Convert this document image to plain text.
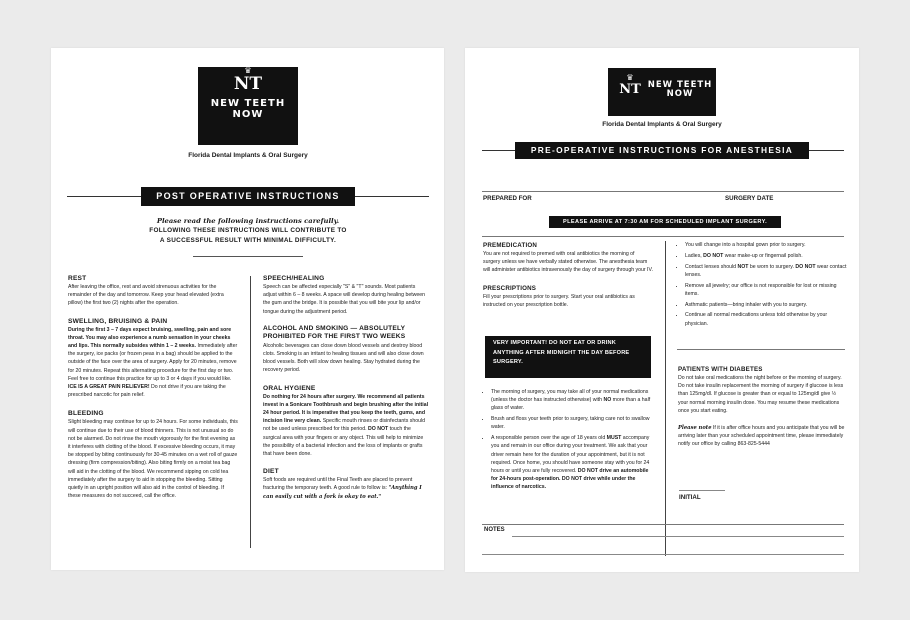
♛
NT
NEW TEETH
NOW
Florida Dental Implants & Oral Surgery
POST OPERATIVE INSTRUCTIONS
Please read the following instructions carefully.
FOLLOWING THESE INSTRUCTIONS WILL CONTRIBUTE TO
A SUCCESSFUL RESULT WITH MINIMAL DIFFICULTY.
REST

After leaving the office, rest and avoid strenuous activities for the remainder of the day and tomorrow. Keep your head elevated (extra pillow) the first two (2) nights after the operation.

SWELLING, BRUISING & PAIN

During the first 3 – 7 days expect bruising, swelling, pain and sore throat. You may also experience a numb sensation in your cheeks and lips. This normally subsides within 1 – 2 weeks. Immediately after the surgery, ice packs (or frozen peas in a bag) should be applied to the outside of the face over the area of surgery. Apply for 20 minutes, remove for 20 minutes. Repeat this alternating procedure for the first day or two. Feel free to continue this practice for up to 3 or 4 days if you would like. ICE IS A GREAT PAIN RELIEVER! Do not drive if you are taking the prescribed narcotic for pain relief.

BLEEDING

Slight bleeding may continue for up to 24 hours. For some individuals, this will continue due to their use of blood thinners. This is not unusual so do not be alarmed. Do not rinse the mouth vigorously for the first evening as it interferes with clotting of the blood. If excessive bleeding occurs, it may be stopped by biting continuously for 30-45 minutes on a wet roll of gauze dressing (firm compression/biting). Also biting firmly on a moist tea bag will aid in the clotting of the blood. We recommend sipping on cold tea immediately after the surgery to aid in stopping the bleeding. Sitting quietly in an upright position will also aid in the control of bleeding. If these measures do not succeed, call the office.

SPEECH/HEALING

Speech can be affected especially "S" & "T" sounds. Most patients adjust within 6 – 8 weeks. A space will develop during healing between the gum and the bridge. It is possible that you will bite your lip and/or tongue during the adjustment period.

ALCOHOL AND SMOKING — ABSOLUTELY PROHIBITED FOR THE FIRST TWO WEEKS

Alcoholic beverages can close down blood vessels and destroy blood clots. Smoking is an irritant to healing tissues and will also close down blood vessels. Both will slow down healing. Stay hydrated during the recovery period.

ORAL HYGIENE

Do nothing for 24 hours after surgery. We recommend all patients invest in a Sonicare Toothbrush and begin brushing after the initial 24 hour period. It is imperative that you keep the teeth, gums, and incision line very clean. Specific mouth rinses or disinfectants should not be used unless prescribed for this period. DO NOT touch the surgical area with your fingers or any object. This will help to minimize the possibility of a bacterial infection and the loss of implants or grafts that have been done.

DIET

Soft foods are required until the Final Teeth are placed to prevent fracturing the temporary teeth. A good rule to follow is: "Anything I can easily cut with a fork is okay to eat."

♛
NT NEW TEETH
NOW
Florida Dental Implants & Oral Surgery
PRE-OPERATIVE INSTRUCTIONS FOR ANESTHESIA
PREPARED FOR	SURGERY DATE
PLEASE ARRIVE AT 7:30 AM FOR SCHEDULED IMPLANT SURGERY.
PREMEDICATION

You are not required to premed with oral antibiotics the morning of surgery unless we have verbally stated otherwise. The anesthesia team will administer antibiotics intravenously the day of surgery through your IV.

PRESCRIPTIONS

Fill your prescriptions prior to surgery. Start your oral antibiotics as instructed on your prescription bottle.

VERY IMPORTANT! DO NOT EAT OR DRINK ANYTHING AFTER MIDNIGHT THE DAY BEFORE SURGERY.
• The morning of surgery, you may take all of your normal medications (unless the doctor has instructed otherwise) with NO more than a half glass of water.
• Brush and floss your teeth prior to surgery, taking care not to swallow water.
• A responsible person over the age of 18 years old MUST accompany you and remain in our office during your treatment. We ask that your driver remain here for the duration of your appointment, but it is not required. Once home, you should have someone stay with you for 24 hours or until you are fully recovered. DO NOT drive an automobile for 24-hours post-operation. DO NOT drive while under the influence of narcotics.
• You will change into a hospital gown prior to surgery.
• Ladies, DO NOT wear make-up or fingernail polish.
• Contact lenses should NOT be worn to surgery. DO NOT wear contact lenses.
• Remove all jewelry; our office is not responsible for lost or missing items.
• Asthmatic patients—bring inhaler with you to surgery.
• Continue all normal medications unless told otherwise by your physician.
PATIENTS WITH DIABETES

Do not take oral medications the night before or the morning of surgery. Do not take insulin replacement the morning of surgery if glucose is less than 125mg/dl. If glucose is greater than or equal to 125mg/dl give ½ your normal morning insulin dose. You may resume these medications once you start eating.

Please note If it is after office hours and you anticipate that you will be arriving later than your scheduled appointment time, please immediately notify our office by calling 863-825-5444

INITIAL
NOTES
